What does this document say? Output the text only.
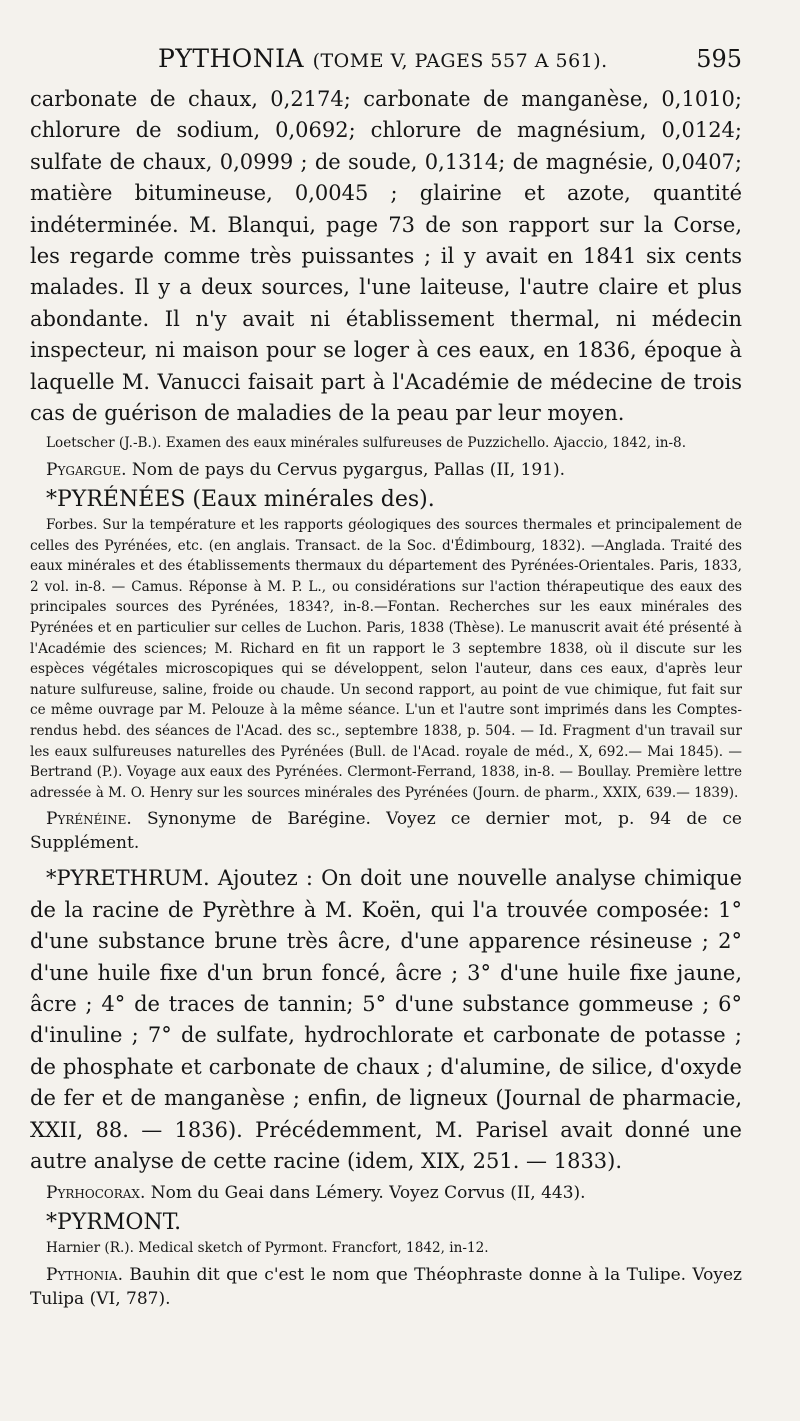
PYTHONIA (TOME V, PAGES 557 A 561).	595

carbonate de chaux, 0,2174; carbonate de manganèse, 0,1010; chlorure de sodium, 0,0692; chlorure de magnésium, 0,0124; sulfate de chaux, 0,0999 ; de soude, 0,1314; de magnésie, 0,0407; matière bitumineuse, 0,0045 ; glairine et azote, quantité indéterminée. M. Blanqui, page 73 de son rapport sur la Corse, les regarde comme très puissantes ; il y avait en 1841 six cents malades. Il y a deux sources, l'une laiteuse, l'autre claire et plus abondante. Il n'y avait ni établissement thermal, ni médecin inspecteur, ni maison pour se loger à ces eaux, en 1836, époque à laquelle M. Vanucci faisait part à l'Académie de médecine de trois cas de guérison de maladies de la peau par leur moyen.

Loetscher (J.-B.). Examen des eaux minérales sulfureuses de Puzzichello. Ajaccio, 1842, in-8.

Pygargue. Nom de pays du Cervus pygargus, Pallas (II, 191).

*PYRÉNÉES (Eaux minérales des).

Forbes. Sur la température et les rapports géologiques des sources thermales et principalement de celles des Pyrénées, etc. (en anglais. Transact. de la Soc. d'Édimbourg, 1832). —Anglada. Traité des eaux minérales et des établissements thermaux du département des Pyrénées-Orientales. Paris, 1833, 2 vol. in-8. — Camus. Réponse à M. P. L., ou considérations sur l'action thérapeutique des eaux des principales sources des Pyrénées, 1834?, in-8.—Fontan. Recherches sur les eaux minérales des Pyrénées et en particulier sur celles de Luchon. Paris, 1838 (Thèse). Le manuscrit avait été présenté à l'Académie des sciences; M. Richard en fit un rapport le 3 septembre 1838, où il discute sur les espèces végétales microscopiques qui se développent, selon l'auteur, dans ces eaux, d'après leur nature sulfureuse, saline, froide ou chaude. Un second rapport, au point de vue chimique, fut fait sur ce même ouvrage par M. Pelouze à la même séance. L'un et l'autre sont imprimés dans les Comptes-rendus hebd. des séances de l'Acad. des sc., septembre 1838, p. 504. — Id. Fragment d'un travail sur les eaux sulfureuses naturelles des Pyrénées (Bull. de l'Acad. royale de méd., X, 692.— Mai 1845). — Bertrand (P.). Voyage aux eaux des Pyrénées. Clermont-Ferrand, 1838, in-8. — Boullay. Première lettre adressée à M. O. Henry sur les sources minérales des Pyrénées (Journ. de pharm., XXIX, 639.— 1839).

Pyrénéine. Synonyme de Barégine. Voyez ce dernier mot, p. 94 de ce Supplément.

*PYRETHRUM. Ajoutez : On doit une nouvelle analyse chimique de la racine de Pyrèthre à M. Koën, qui l'a trouvée composée: 1° d'une substance brune très âcre, d'une apparence résineuse ; 2° d'une huile fixe d'un brun foncé, âcre ; 3° d'une huile fixe jaune, âcre ; 4° de traces de tannin; 5° d'une substance gommeuse ; 6° d'inuline ; 7° de sulfate, hydrochlorate et carbonate de potasse ; de phosphate et carbonate de chaux ; d'alumine, de silice, d'oxyde de fer et de manganèse ; enfin, de ligneux (Journal de pharmacie, XXII, 88. — 1836). Précédemment, M. Parisel avait donné une autre analyse de cette racine (idem, XIX, 251. — 1833).

Pyrhocorax. Nom du Geai dans Lémery. Voyez Corvus (II, 443).

*PYRMONT.

Harnier (R.). Medical sketch of Pyrmont. Francfort, 1842, in-12.

Pythonia. Bauhin dit que c'est le nom que Théophraste donne à la Tulipe. Voyez Tulipa (VI, 787).
